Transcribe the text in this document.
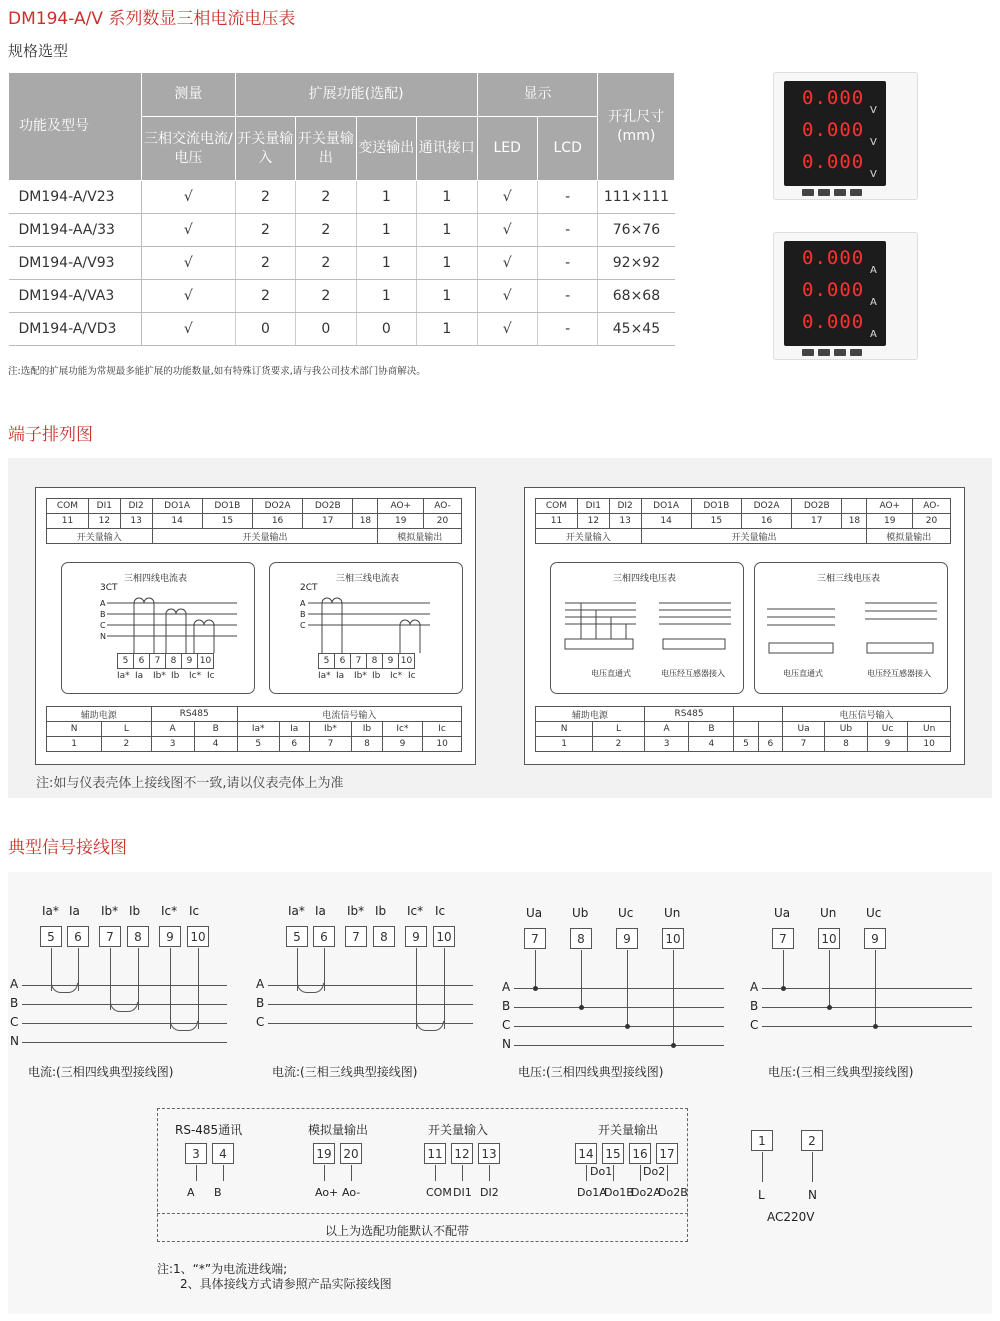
DM194-A/V 系列数显三相电流电压表
规格选型
功能及型号	测量	扩展功能(选配)				显示		开孔尺寸(mm)
	三相交流电流/电压	开关量输入	开关量输出	变送输出	通讯接口	LED	LCD	
DM194-A/V23	√	2	2	1	1	√	-	111×111
DM194-AA/33	√	2	2	1	1	√	-	76×76
DM194-A/V93	√	2	2	1	1	√	-	92×92
DM194-A/VA3	√	2	2	1	1	√	-	68×68
DM194-A/VD3	√	0	0	0	1	√	-	45×45
注:选配的扩展功能为常规最多能扩展的功能数量,如有特殊订货要求,请与我公司技术部门协商解决。
0.000
0.000
0.000
V
V
V
0.000
0.000
0.000
A
A
A
端子排列图
COM	DI1	DI2	DO1A	DO1B	DO2A	DO2B		AO+	AO-
11	12	13	14	15	16	17	18	19	20
开关量输入			开关量输出					模拟量输出	
三相四线电流表
3CT
A
B
C
N
5	6	7	8	9	10
Ia* Ia	Ib* Ib	Ic* Ic
三相三线电流表
2CT
A
B
C
5	6	7	8	9	10
Ia* Ia	Ib* Ib	Ic* Ic
辅助电源		RS485		电流信号输入					
N	L	A	B	Ia*	Ia	Ib*	Ib	Ic*	Ic
1	2	3	4	5	6	7	8	9	10
COM	DI1	DI2	DO1A	DO1B	DO2A	DO2B		AO+	AO-
11	12	13	14	15	16	17	18	19	20
开关量输入			开关量输出					模拟量输出	
三相四线电压表
电压直通式	电压经互感器接入
三相三线电压表
电压直通式	电压经互感器接入
辅助电源		RS485				电压信号输入			
N	L	A	B			Ua	Ub	Uc	Un
1	2	3	4	5	6	7	8	9	10
注:如与仪表壳体上接线图不一致,请以仪表壳体上为准
典型信号接线图
A
B
C
N
5
Ia*
6
Ia
7
Ib*
8
Ib
9
Ic*
10
Ic
A
B
C
5
Ia*
6
Ia
7
Ib*
8
Ib
9
Ic*
10
Ic
A
B
C
N
7
Ua
8
Ub
9
Uc
10
Un
A
B
C
7
Ua
10
Un
9
Uc
电流:(三相四线典型接线图)	电流:(三相三线典型接线图)	电压:(三相四线典型接线图)	电压:(三相三线典型接线图)
RS-485通讯	模拟量输出	开关量输入	开关量输出
3
A
4
B
19
Ao+
20
Ao-
11
COM
12
DI1
13
DI2
14
Do1A
15
Do1B
16
Do2A
17
Do2B
Do1	Do2
以上为选配功能默认不配带
1
L
2
N
AC220V
注:1、“*”为电流进线端;
2、具体接线方式请参照产品实际接线图
